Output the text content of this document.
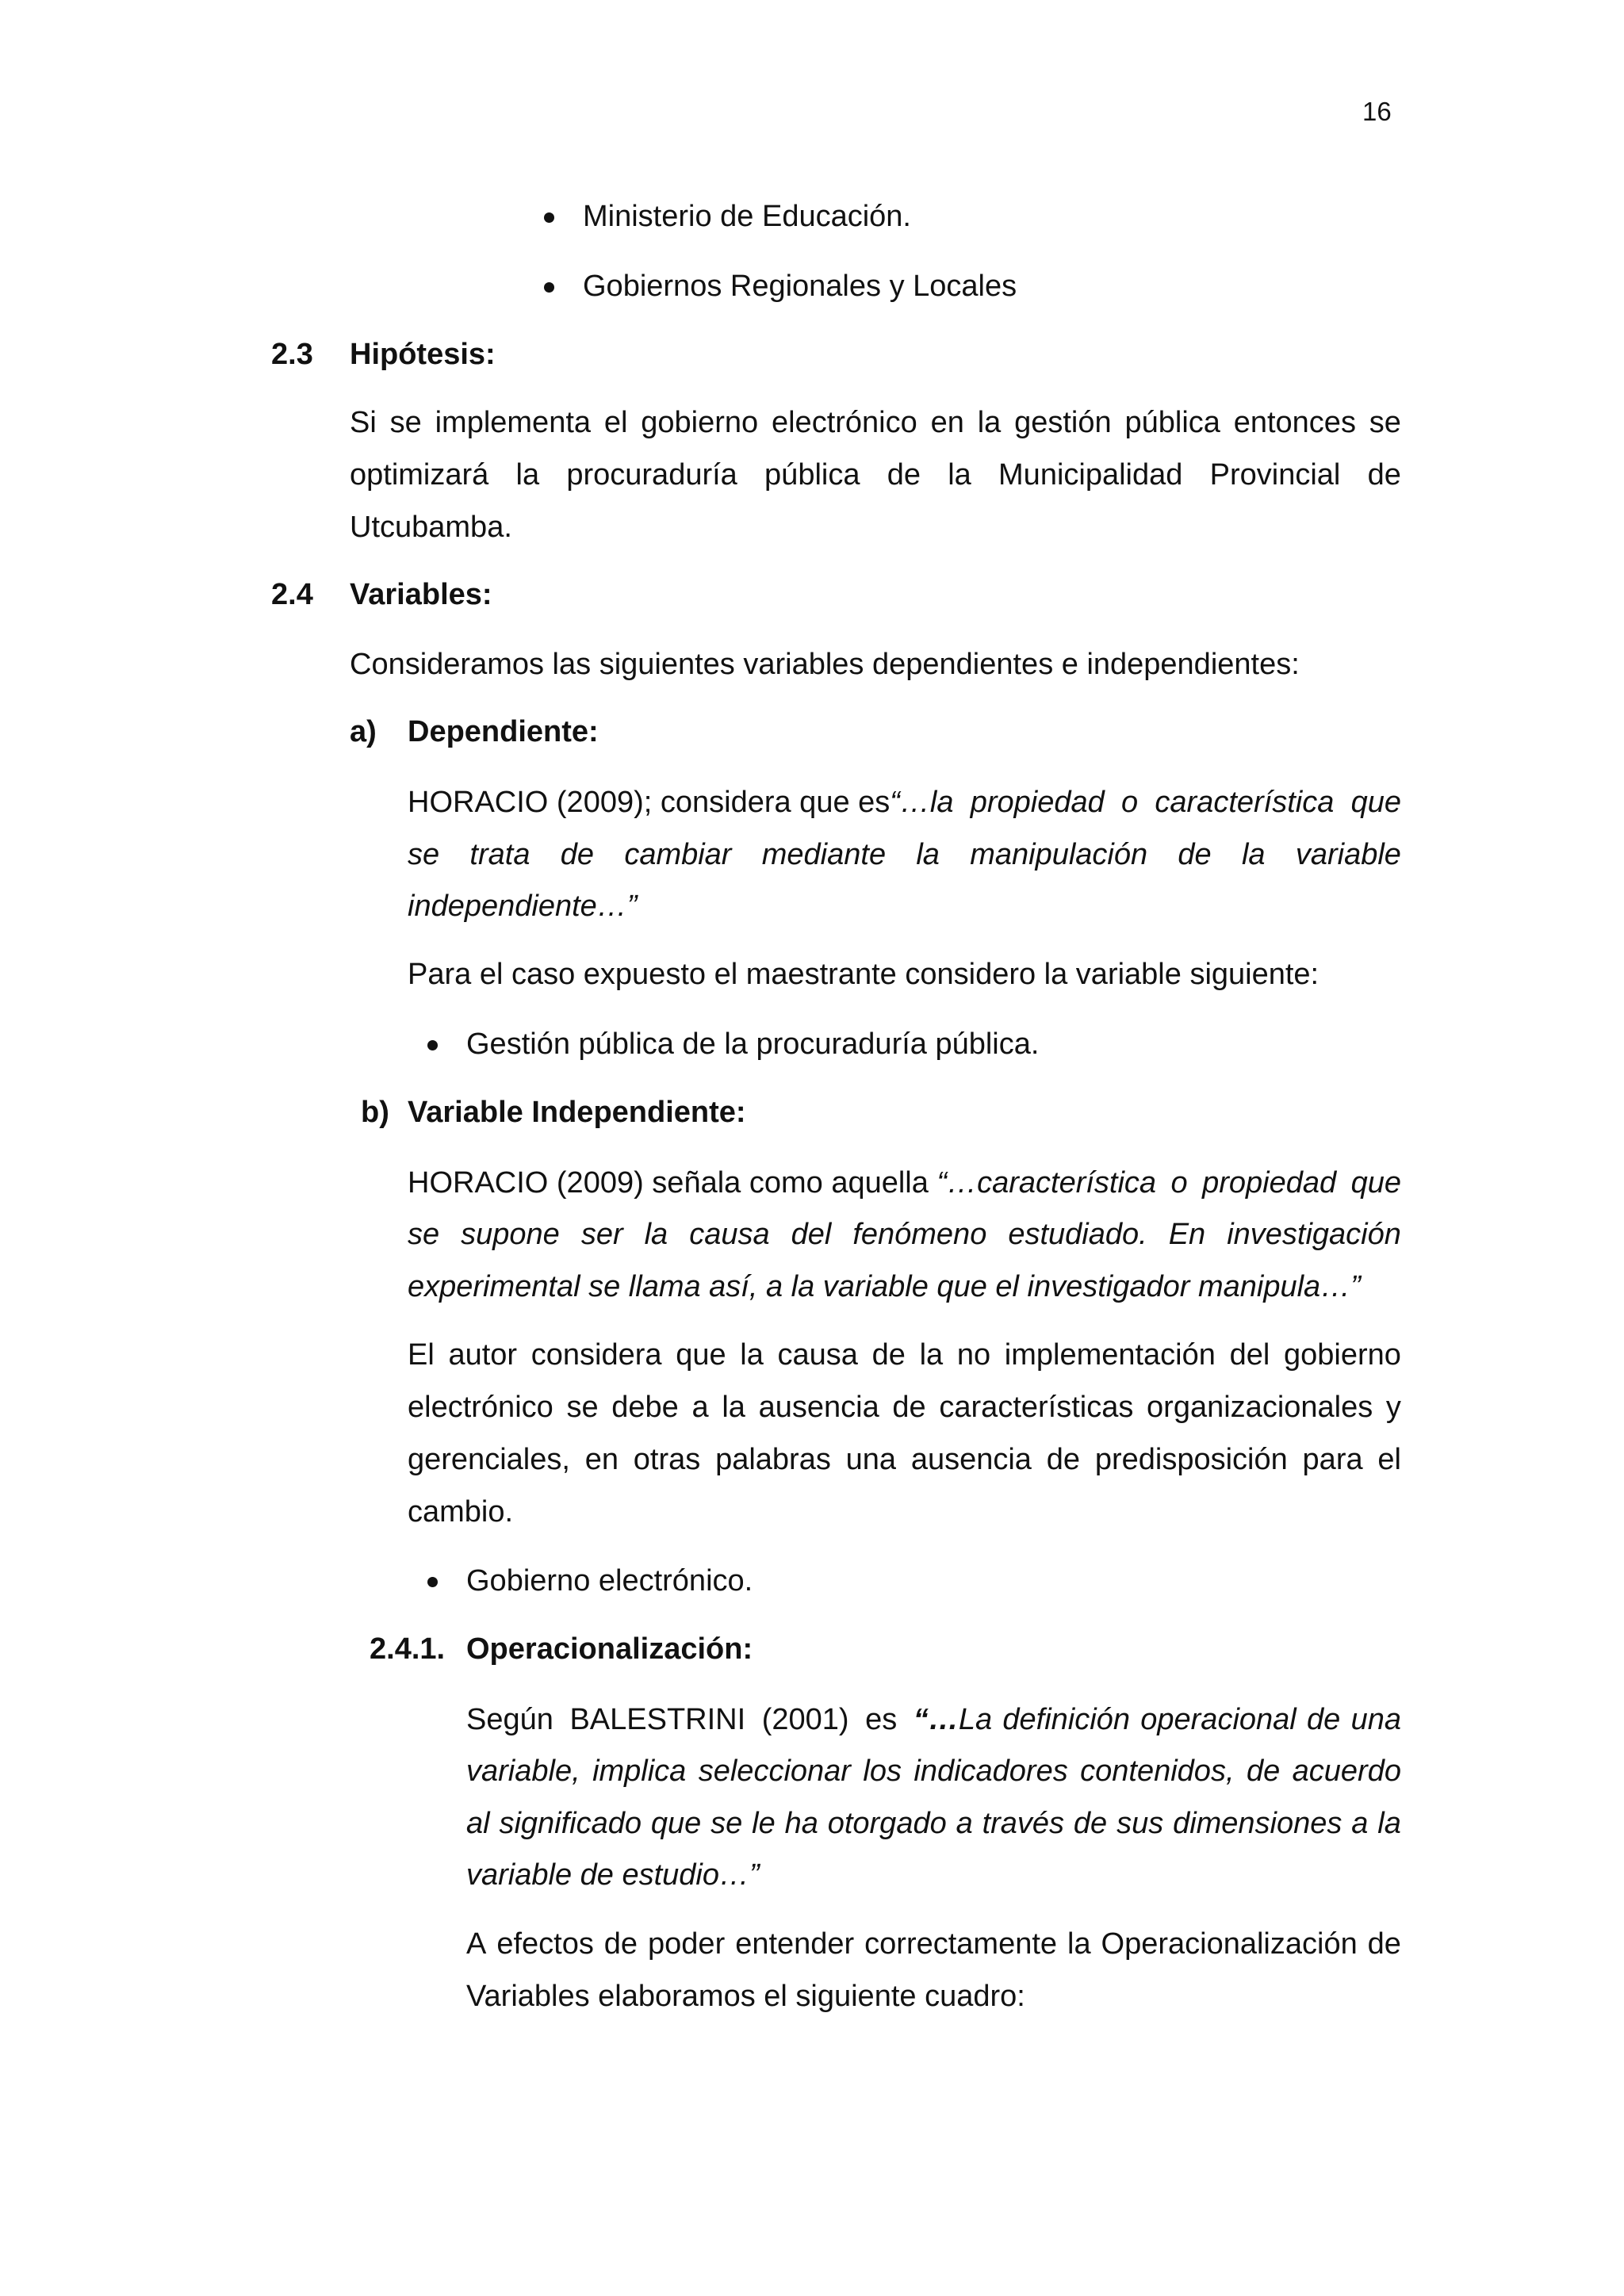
16
Ministerio de Educación.
Gobiernos Regionales y Locales
2.3 Hipótesis:
Si se implementa el gobierno electrónico en la gestión pública entonces se
optimizará la procuraduría pública de la Municipalidad Provincial de
Utcubamba.
2.4 Variables:
Consideramos las siguientes variables dependientes e independientes:
a) Dependiente:
HORACIO (2009); considera que es “…la propiedad o característica que
se trata de cambiar mediante la manipulación de la variable
independiente…”
Para el caso expuesto el maestrante considero la variable siguiente:
Gestión pública de la procuraduría pública.
b) Variable Independiente:
HORACIO (2009) señala como aquella “…característica o propiedad que
se supone ser la causa del fenómeno estudiado. En investigación
experimental se llama así, a la variable que el investigador manipula…”
El autor considera que la causa de la no implementación del gobierno
electrónico se debe a la ausencia de características organizacionales y
gerenciales, en otras palabras una ausencia de predisposición para el
cambio.
Gobierno electrónico.
2.4.1. Operacionalización:
Según BALESTRINI (2001) es “… La definición operacional de una
variable, implica seleccionar los indicadores contenidos, de acuerdo
al significado que se le ha otorgado a través de sus dimensiones a la
variable de estudio…”
A efectos de poder entender correctamente la Operacionalización de
Variables elaboramos el siguiente cuadro:
